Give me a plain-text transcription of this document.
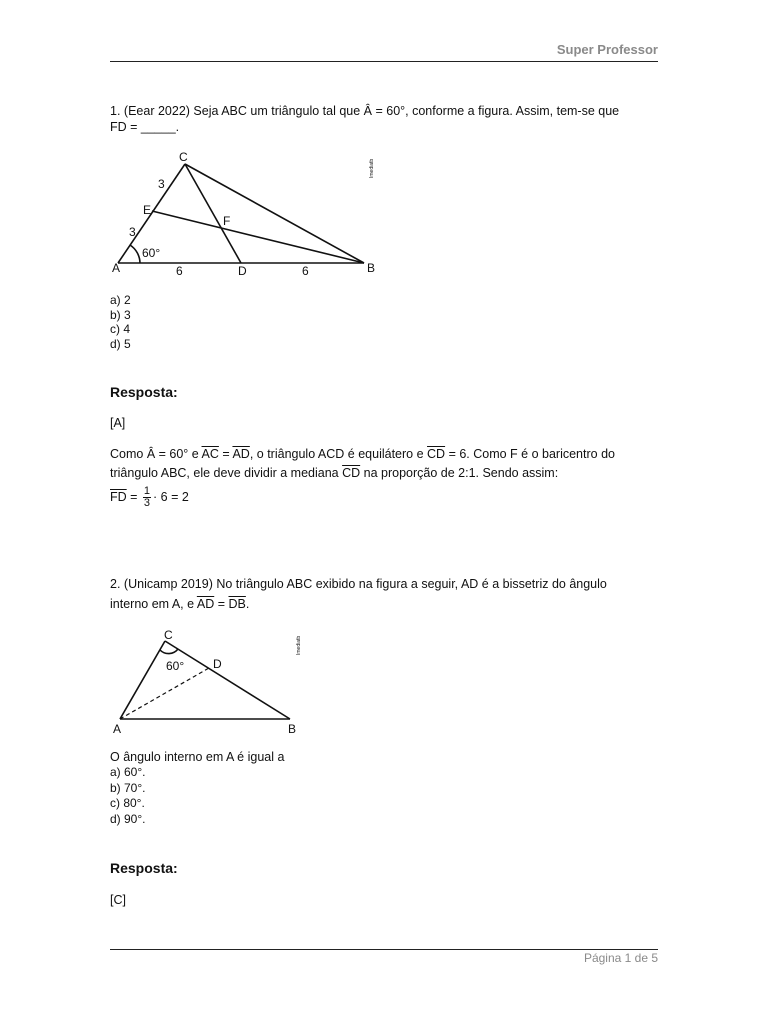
Super Professor
1. (Eear 2022) Seja ABC um triângulo tal que Â = 60°, conforme a figura. Assim, tem-se que
FD = _____.
C
3
E
3
F
60°
A	6	D	6	B
Imediatb
a) 2
b) 3
c) 4
d) 5
Resposta:
[A]
Como Â = 60° e $\overline{AC} = \overline{AD}$, o triângulo ACD é equilátero e $\overline{CD} = 6$. Como F é o baricentro do
triângulo ABC, ele deve dividir a mediana $\overline{CD}$ na proporção de 2:1. Sendo assim:
$\overline{FD} = \frac{1}{3} \cdot 6 = 2$
2. (Unicamp 2019) No triângulo ABC exibido na figura a seguir, AD é a bissetriz do ângulo
interno em A, e $\overline{AD} = \overline{DB}$.
C
60° D
A	B
Imediatb
O ângulo interno em A é igual a
a) 60°.
b) 70°.
c) 80°.
d) 90°.
Resposta:
[C]
Página 1 de 5
